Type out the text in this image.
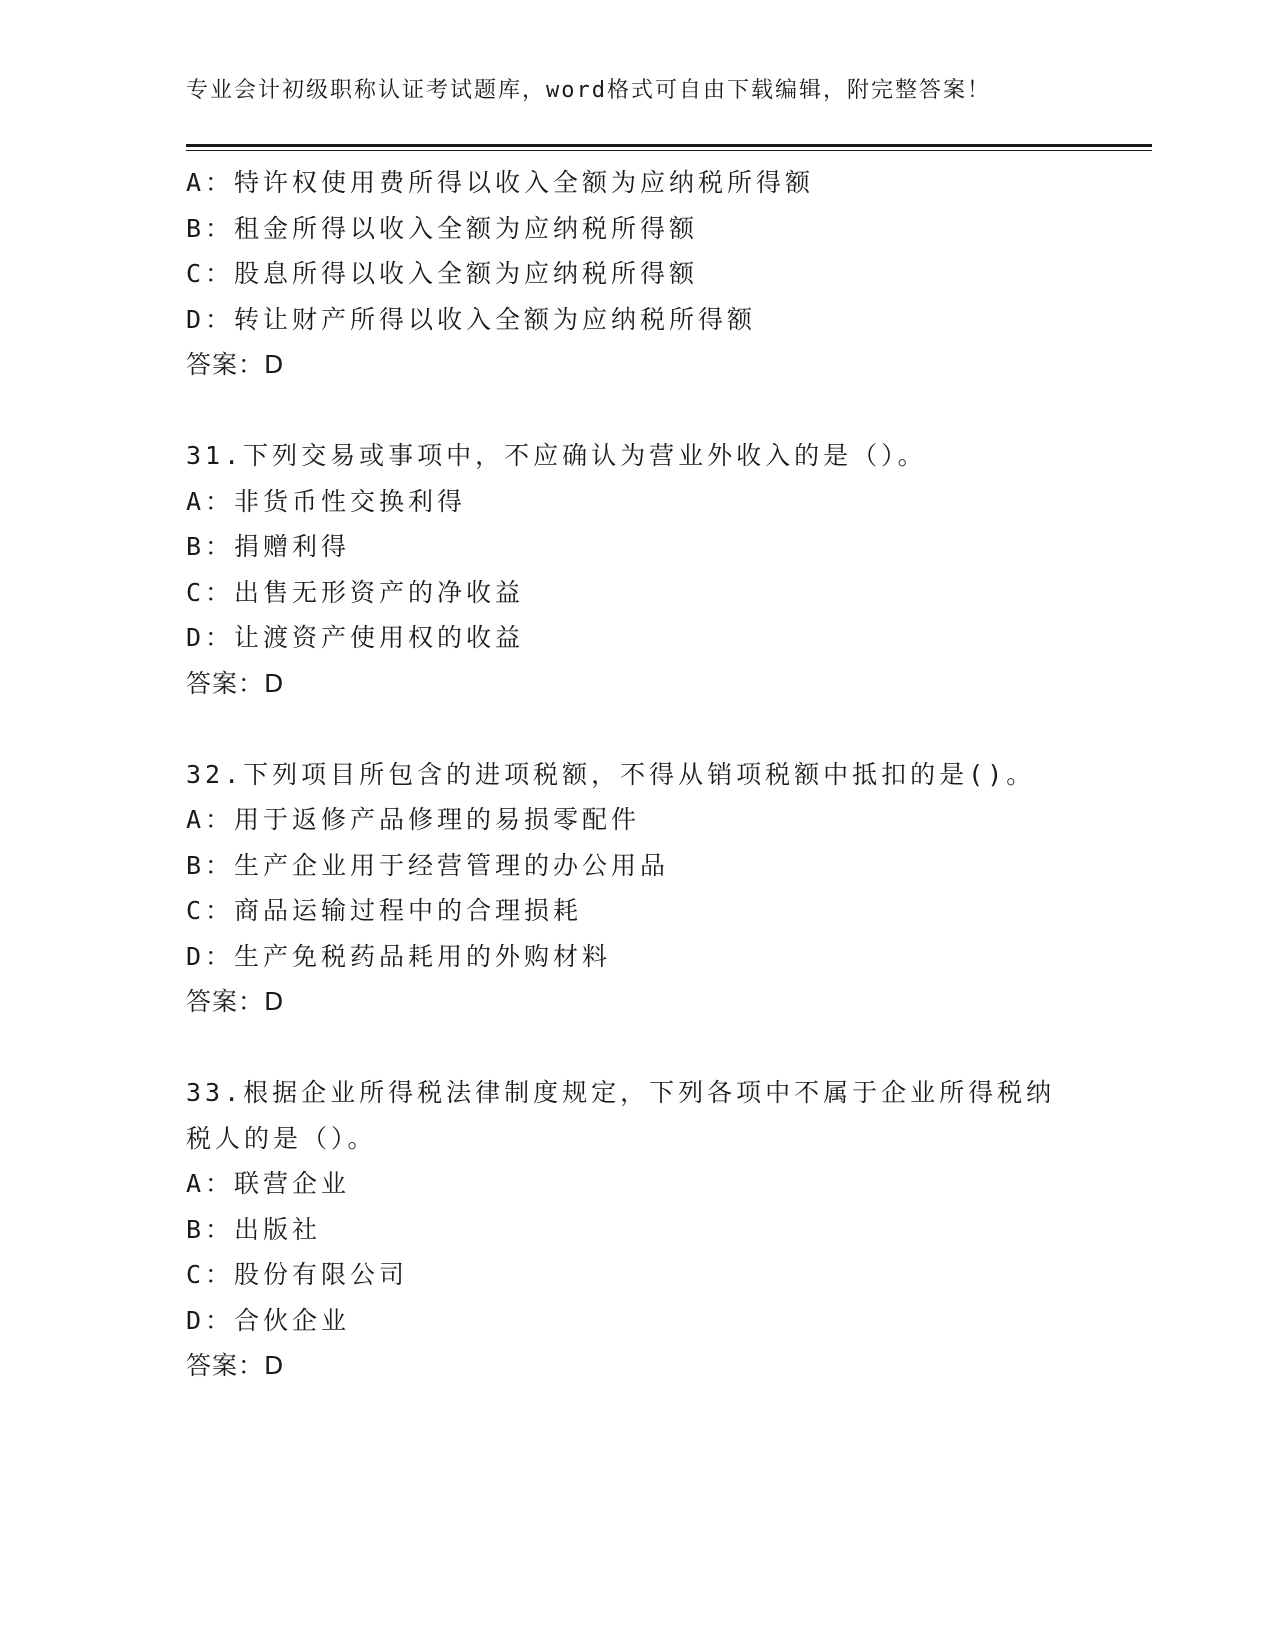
专业会计初级职称认证考试题库，word格式可自由下载编辑，附完整答案！
A：特许权使用费所得以收入全额为应纳税所得额
B：租金所得以收入全额为应纳税所得额
C：股息所得以收入全额为应纳税所得额
D：转让财产所得以收入全额为应纳税所得额
答案：D
31.下列交易或事项中，不应确认为营业外收入的是（）。
A：非货币性交换利得
B：捐赠利得
C：出售无形资产的净收益
D：让渡资产使用权的收益
答案：D
32.下列项目所包含的进项税额，不得从销项税额中抵扣的是()。
A：用于返修产品修理的易损零配件
B：生产企业用于经营管理的办公用品
C：商品运输过程中的合理损耗
D：生产免税药品耗用的外购材料
答案：D
33.根据企业所得税法律制度规定，下列各项中不属于企业所得税纳税人的是（）。
A：联营企业
B：出版社
C：股份有限公司
D：合伙企业
答案：D
